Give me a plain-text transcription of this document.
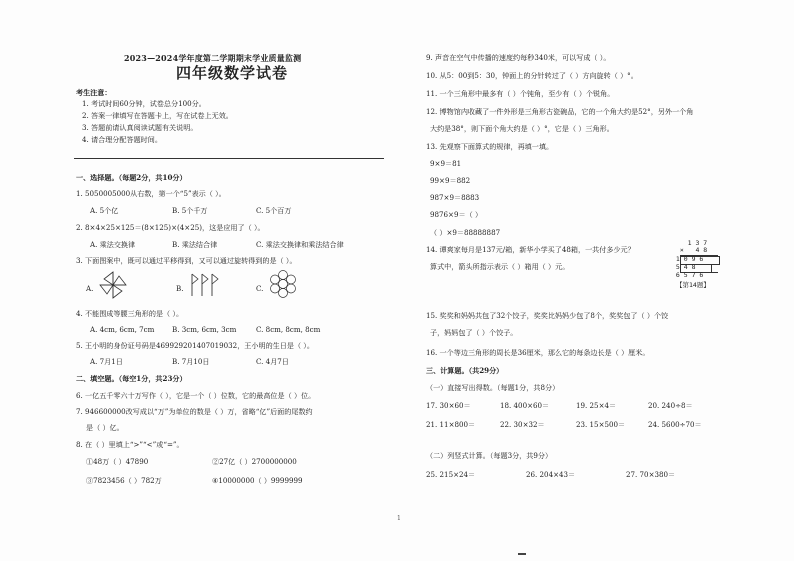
2023—2024学年度第二学期期末学业质量监测
四年级数学试卷
考生注意：
1. 考试时间60分钟，试卷总分100分。
2. 答案一律填写在答题卡上，写在试卷上无效。
3. 答题前请认真阅读试题有关说明。
4. 请合理分配答题时间。
一、选择题。（每题2分，共10分）
1. 5050005000从右数，第一个“5”表示（ ）。
A. 5个亿	B. 5个千万	C. 5个百万
2. 8×4×25×125＝(8×125)×(4×25)，这是应用了（ ）。
A. 乘法交换律	B. 乘法结合律	C. 乘法交换律和乘法结合律
3. 下面图案中，既可以通过平移得到，又可以通过旋转得到的是（ ）。
A.	B.	C.
4. 不能围成等腰三角形的是（ ）。
A. 4cm, 6cm, 7cm B. 3cm, 6cm, 3cm	C. 8cm, 8cm, 8cm
5. 王小明的身份证号码是469929201407019032，王小明的生日是（ ）。
A. 7月1日	B. 7月10日	C. 4月7日
二、填空题。（每空1分，共23分）
6. 一亿五千零六十万写作（ ），它是一个（ ）位数，它的最高位是（ ）位。
7. 946600000改写成以“万”为单位的数是（ ）万，省略“亿”后面的尾数约
是（ ）亿。
8. 在（ ）里填上“>”“<”或“=”。
①48万（ ）47890	②27亿（ ）2700000000
③7823456（ ）782万	④10000000（ ）9999999
9. 声音在空气中传播的速度约每秒340米，可以写成（ ）。
10. 从5：00到5：30，钟面上的分针转过了（ ）方向旋转（ ）°。
11. 一个三角形中最多有（ ）个钝角，至少有（ ）个锐角。
12. 博物馆内收藏了一件外形是三角形古瓷碗品，它的一个角大约是52°，另外一个角
大约是38°，则下面个角大约是（ ）°，它是（ ）三角形。
13. 先观察下面算式的规律，再填一填。
9×9＝81
99×9＝882
987×9＝8883
9876×9＝（ ）
（ ）×9＝88888887
14. 谭爽家每月是137元/箱，新华小学买了48箱，一共付多少元？
算式中，箭头所指示表示（ ）箱用（ ）元。
1 3 7
×   4 8
1 0 9 6
5 4 8
6 5 7 6
【第14题】
15. 奖奖和妈妈共包了32个饺子，奖奖比妈妈少包了8个，奖奖包了（ ）个饺
子，妈妈包了（ ）个饺子。
16. 一个等边三角形的周长是36厘米，那么它的每条边长是（ ）厘米。
三、计算题。（共29分）
（一）直接写出得数。（每题1分，共8分）
17. 30×60＝	18. 400×60＝	19. 25×4＝	20. 240÷8＝
21. 11×800＝	22. 30×32＝	23. 15×500＝	24. 5600÷70＝
（二）列竖式计算。（每题3分，共9分）
25. 215×24＝	26. 204×43＝	27. 70×380＝
1
